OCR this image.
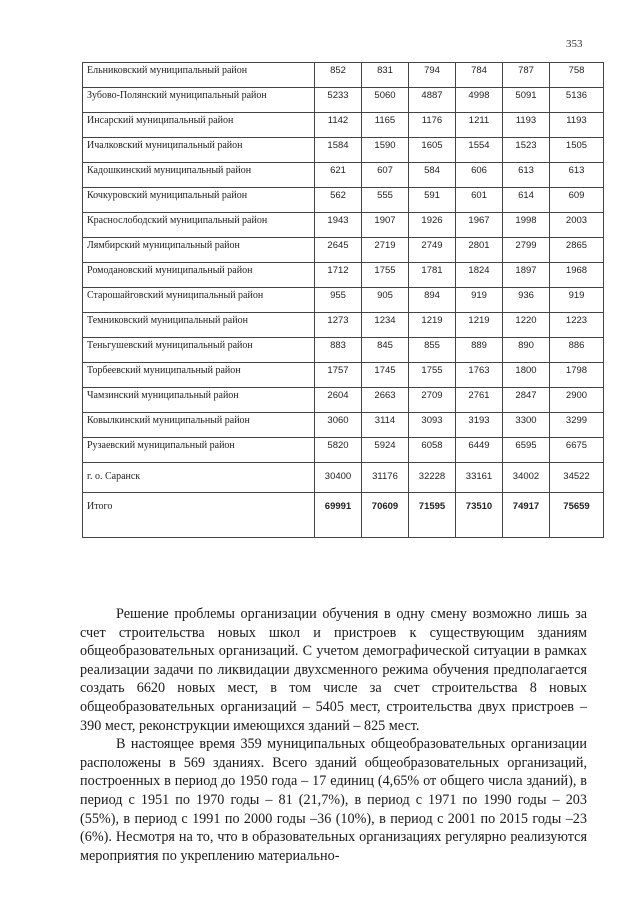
353
Ельниковский муниципальный район	852	831	794	784	787	758

Зубово-Полянский муниципальный район	5233	5060	4887	4998	5091	5136
Инсарский муниципальный район	1142	1165	1176	1211	1193	1193
Ичалковский муниципальный район	1584	1590	1605	1554	1523	1505
Кадошкинский муниципальный район	621	607	584	606	613	613
Кочкуровский муниципальный район	562	555	591	601	614	609

Краснослободский муниципальный район	1943	1907	1926	1967	1998	2003
Лямбирский муниципальный район	2645	2719	2749	2801	2799	2865
Ромодановский муниципальный район	1712	1755	1781	1824	1897	1968

Старошайговский муниципальный район	955	905	894	919	936	919
Темниковский муниципальный район	1273	1234	1219	1219	1220	1223
Теньгушевский муниципальный район	883	845	855	889	890	886
Торбеевский муниципальный район	1757	1745	1755	1763	1800	1798
Чамзинский муниципальный район	2604	2663	2709	2761	2847	2900
Ковылкинский муниципальный район	3060	3114	3093	3193	3300	3299
Рузаевский муниципальный район	5820	5924	6058	6449	6595	6675
г. о. Саранск	30400	31176	32228	33161	34002	34522
Итого	69991	70609	71595	73510	74917	75659

Решение проблемы организации обучения в одну смену возможно лишь за счет строительства новых школ и пристроев к существующим зданиям общеобразовательных организаций. С учетом демографической ситуации в рамках реализации задачи по ликвидации двухсменного режима обучения предполагается создать 6620 новых мест, в том числе за счет строительства 8 новых общеобразовательных организаций – 5405 мест, строительства двух пристроев – 390 мест, реконструкции имеющихся зданий – 825 мест.

В настоящее время 359 муниципальных общеобразовательных организации расположены в 569 зданиях. Всего зданий общеобразовательных организаций, построенных в период до 1950 года – 17 единиц (4,65% от общего числа зданий), в период с 1951 по 1970 годы – 81 (21,7%), в период с 1971 по 1990 годы – 203 (55%), в период с 1991 по 2000 годы –36 (10%), в период с 2001 по 2015 годы –23 (6%). Несмотря на то, что в образовательных организациях регулярно реализуются мероприятия по укреплению материально-
